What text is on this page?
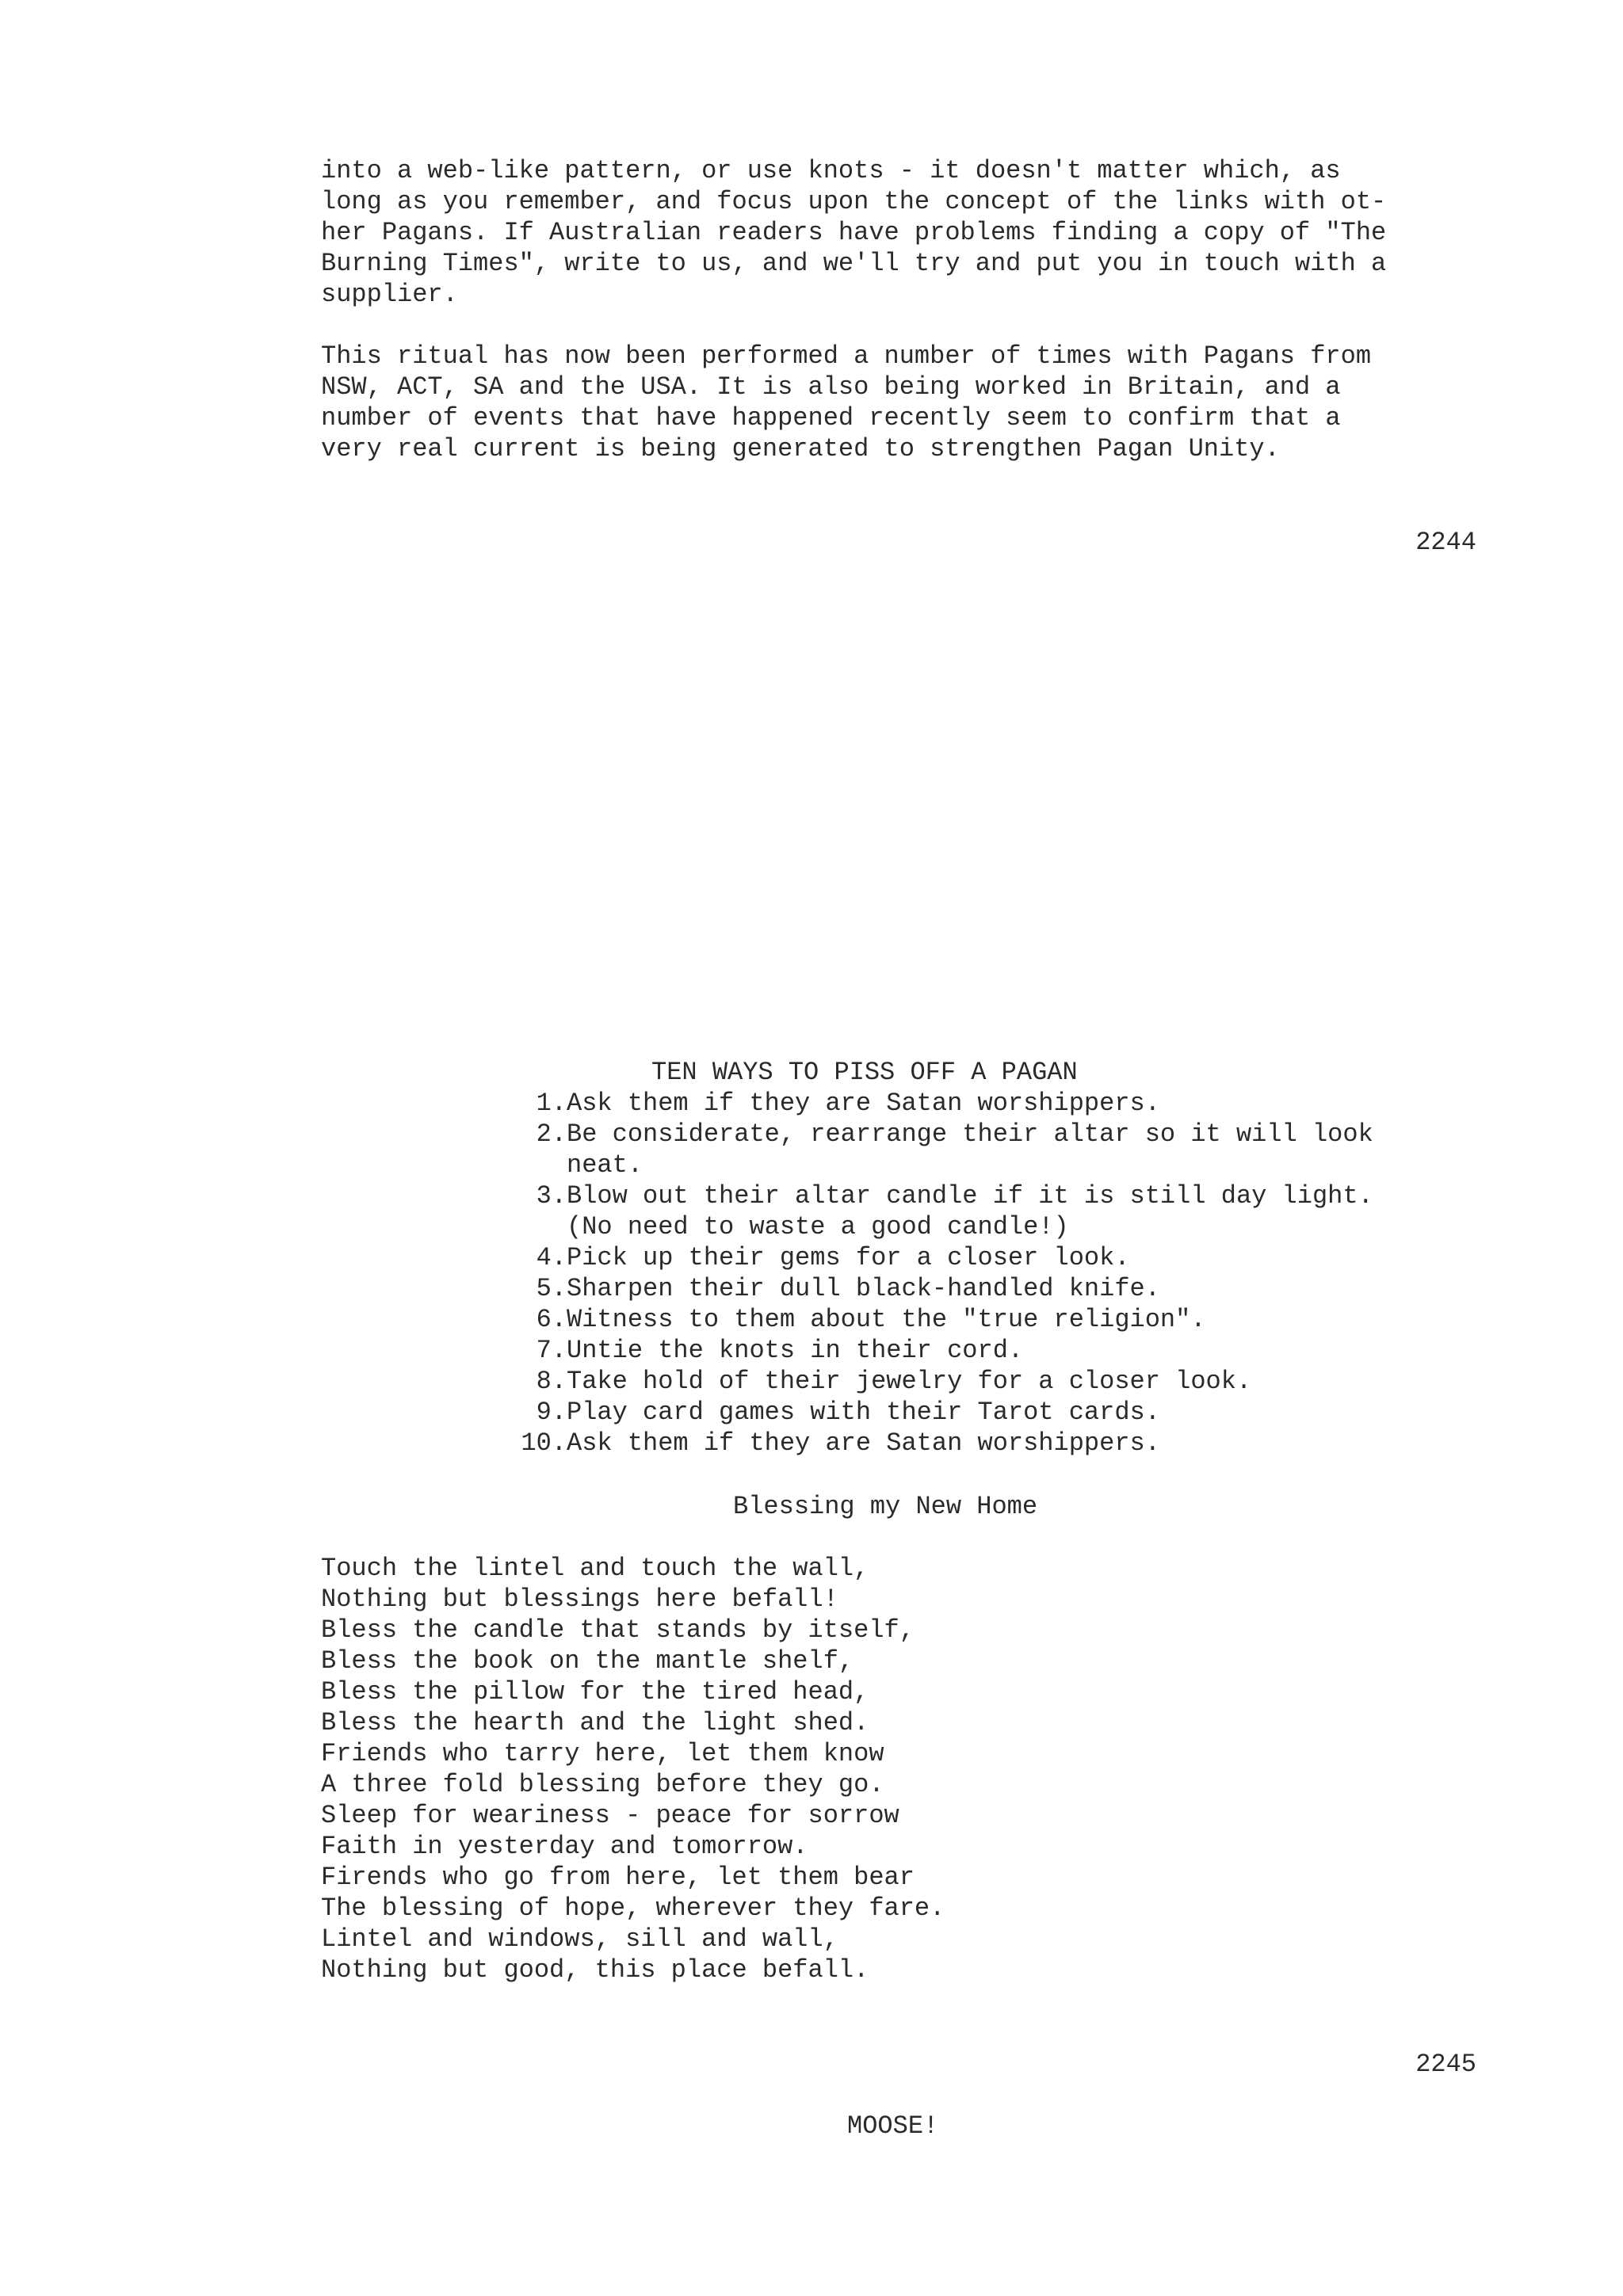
into a web-like pattern, or use knots - it doesn't matter which, as
long as you remember, and focus upon the concept of the links with ot-
her Pagans. If Australian readers have problems finding a copy of "The
Burning Times", write to us, and we'll try and put you in touch with a
supplier.
This ritual has now been performed a number of times with Pagans from
NSW, ACT, SA and the USA. It is also being worked in Britain, and a
number of events that have happened recently seem to confirm that a
very real current is being generated to strengthen Pagan Unity.
2244
TEN WAYS TO PISS OFF A PAGAN
1. Ask them if they are Satan worshippers.
2. Be considerate, rearrange their altar so it will look
neat.
3. Blow out their altar candle if it is still day light.
(No need to waste a good candle!)
4. Pick up their gems for a closer look.
5. Sharpen their dull black-handled knife.
6. Witness to them about the "true religion".
7. Untie the knots in their cord.
8. Take hold of their jewelry for a closer look.
9. Play card games with their Tarot cards.
10. Ask them if they are Satan worshippers.
Blessing my New Home
Touch the lintel and touch the wall,
Nothing but blessings here befall!
Bless the candle that stands by itself,
Bless the book on the mantle shelf,
Bless the pillow for the tired head,
Bless the hearth and the light shed.
Friends who tarry here, let them know
A three fold blessing before they go.
Sleep for weariness - peace for sorrow
Faith in yesterday and tomorrow.
Firends who go from here, let them bear
The blessing of hope, wherever they fare.
Lintel and windows, sill and wall,
Nothing but good, this place befall.
2245
MOOSE!
